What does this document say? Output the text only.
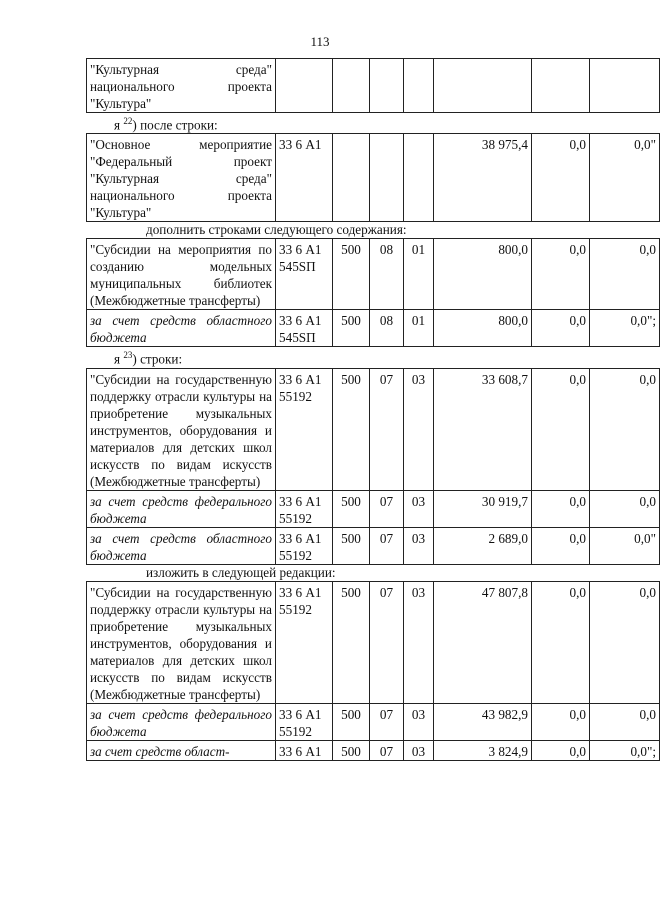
113
"Культурная среда" национального проекта "Культура"							
я $^{22}$) после строки:
"Основное мероприятие "Федеральный проект "Культурная среда" национального проекта "Культура"	33 6 А1				38 975,4	0,0	0,0"
дополнить строками следующего содержания:
"Субсидии на мероприятия по созданию модельных муниципальных библиотек (Межбюджетные трансферты)	33 6 А1 545SП	500	08	01	800,0	0,0	0,0
за счет средств областного бюджета	33 6 А1 545SП	500	08	01	800,0	0,0	0,0";
я $^{23}$) строки:
"Субсидии на государственную поддержку отрасли культуры на приобретение музыкальных инструментов, оборудования и материалов для детских школ искусств по видам искусств (Межбюджетные трансферты)	33 6 А1 55192	500	07	03	33 608,7	0,0	0,0
за счет средств федерального бюджета	33 6 А1 55192	500	07	03	30 919,7	0,0	0,0
за счет средств областного бюджета	33 6 А1 55192	500	07	03	2 689,0	0,0	0,0"
изложить в следующей редакции:
"Субсидии на государственную поддержку отрасли культуры на приобретение музыкальных инструментов, оборудования и материалов для детских школ искусств по видам искусств (Межбюджетные трансферты)	33 6 А1 55192	500	07	03	47 807,8	0,0	0,0
за счет средств федерального бюджета	33 6 А1 55192	500	07	03	43 982,9	0,0	0,0
за счет средств област-	33 6 А1	500	07	03	3 824,9	0,0	0,0";
